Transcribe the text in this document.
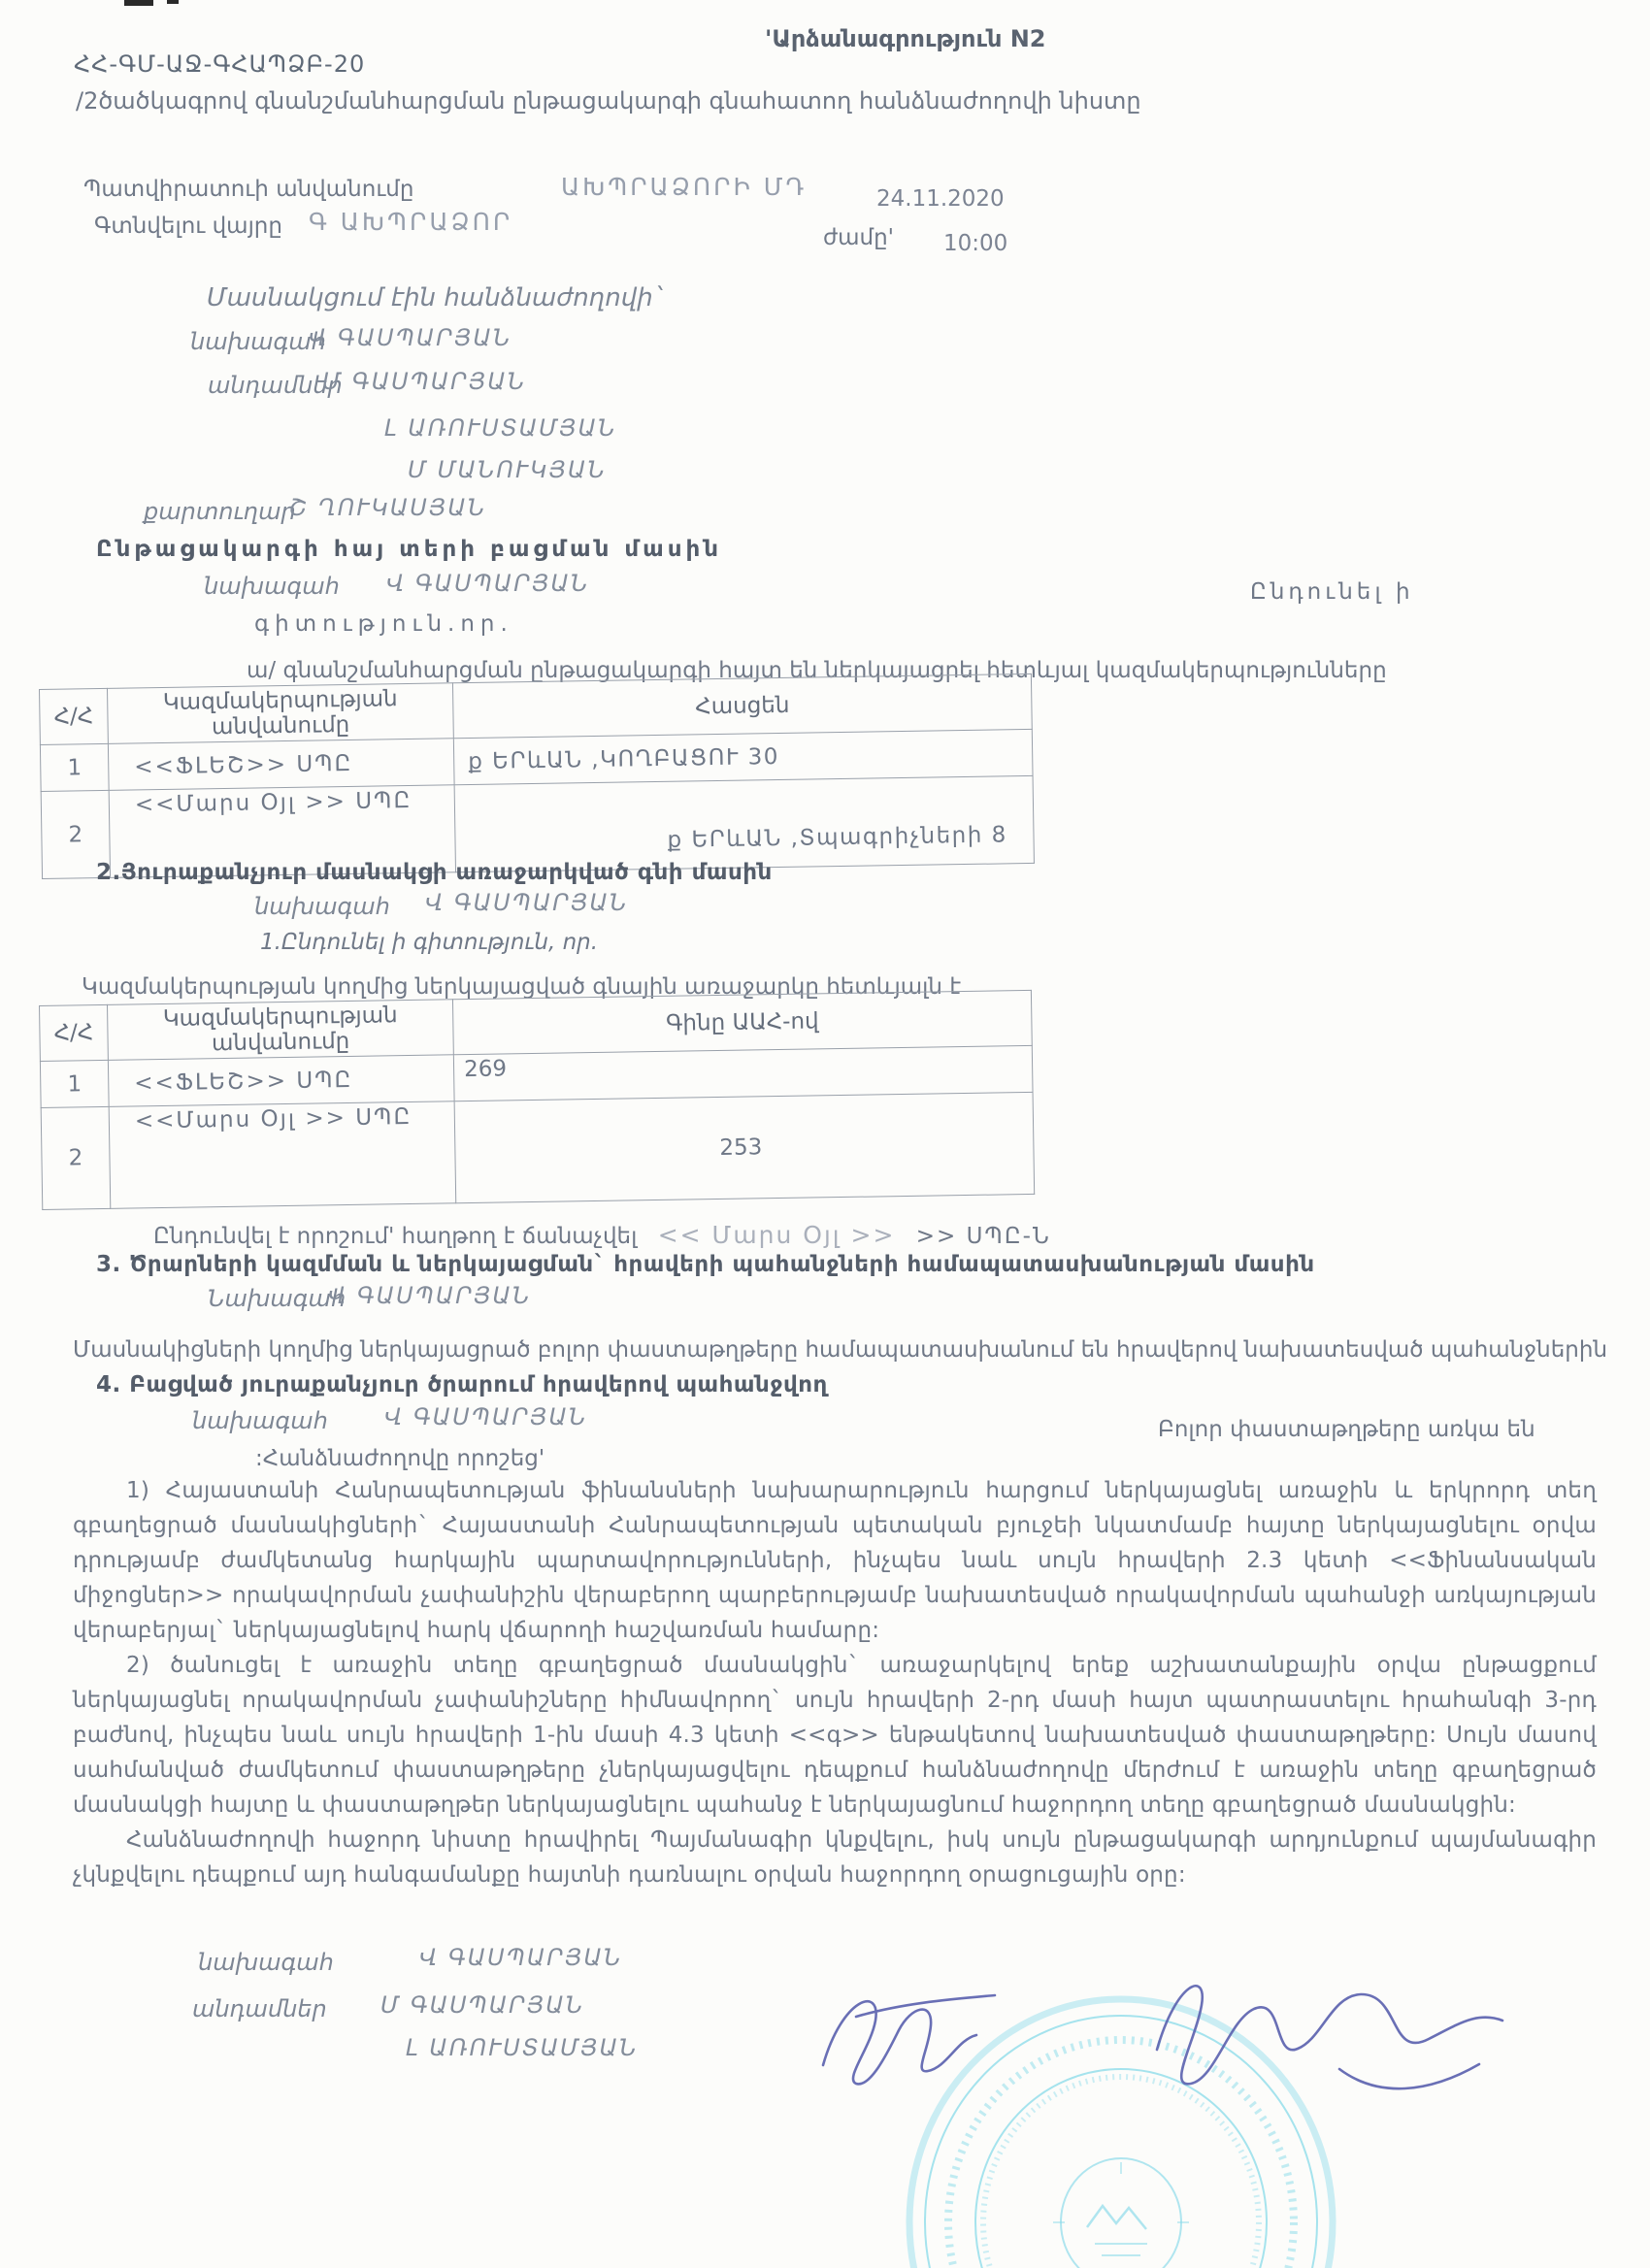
'Արձանագրություն N2
ՀՀ-ԳՄ-ԱՋ-ԳՀԱՊՁԲ-20
/2ծածկագրով գնանշմանհարցման ընթացակարգի գնահատող հանձնաժողովի նիստը
Պատվիրատուի անվանումը	ԱԽՊՐԱՁՈՐԻ ՄԴ	24.11.2020
Գտնվելու վայրը Գ ԱԽՊՐԱՁՈՐ
ժամը' 10:00
Մասնակցում էին հանձնաժողովի`
նախագահ
Վ ԳԱՍՊԱՐՅԱՆ
անդամներ
Մ ԳԱՍՊԱՐՅԱՆ
Լ ԱՌՈՒՍՏԱՄՅԱՆ
Մ ՄԱՆՈՒԿՅԱՆ
քարտուղար
Շ ՂՈՒԿԱՍՅԱՆ
Ընթացակարգի հայ տերի բացման մասին
նախագահ Վ ԳԱՍՊԱՐՅԱՆ	Ընդունել ի
գիտություն.որ.
ա/ գնանշմանհարցման ընթացակարգի հայտ են ներկայացրել հետևյալ կազմակերպությունները
Հ/Հ	Կազմակերպության անվանումը	Հասցեն
1	<<ՖԼԵՇ>> ՍՊԸ	ք ԵՐևԱՆ ,ԿՈՂԲԱՑՈՒ 30
2	<<Մարս Օյլ >> ՍՊԸ	ք ԵՐևԱՆ ,Տպագրիչների 8
2.Յուրաքանչյուր մասնակցի առաջարկված գնի մասին
նախագահ Վ ԳԱՍՊԱՐՅԱՆ
1.Ընդունել ի գիտություն, որ.
Կազմակերպության կողմից ներկայացված գնային առաջարկը հետևյալն է
Հ/Հ	Կազմակերպության անվանումը	Գինը ԱԱՀ-ով
1	<<ՖԼԵՇ>> ՍՊԸ	269
2	<<Մարս Օյլ >> ՍՊԸ	253
Ընդունվել է որոշում' հաղթող է ճանաչվել << Մարս Օյլ >> >> ՍՊԸ-Ն
3. Ծրարների կազմման և ներկայացման` հրավերի պահանջների համապատասխանության մասին
Նախագահ
Վ ԳԱՍՊԱՐՅԱՆ
Մասնակիցների կողմից ներկայացրած բոլոր փաստաթղթերը համապատասխանում են հրավերով նախատեսված պահանջներին
4. Բացված յուրաքանչյուր ծրարում հրավերով պահանջվող
նախագահ Վ ԳԱՍՊԱՐՅԱՆ	Բոլոր փաստաթղթերը առկա են
:Հանձնաժողովը որոշեց'

1) Հայաստանի Հանրապետության ֆինանսների նախարարություն հարցում ներկայացնել առաջին և երկրորդ տեղ գբաղեցրած մասնակիցների` Հայաստանի Հանրապետության պետական բյուջեի նկատմամբ հայտը ներկայացնելու օրվա դրությամբ ժամկետանց հարկային պարտավորությունների, ինչպես նաև սույն հրավերի 2.3 կետի <<Ֆինանսական միջոցներ>> որակավորման չափանիշին վերաբերող պարբերությամբ նախատեսված որակավորման պահանջի առկայության վերաբերյալ` ներկայացնելով հարկ վճարողի հաշվառման համարը:

2) ծանուցել է առաջին տեղը գբաղեցրած մասնակցին` առաջարկելով երեք աշխատանքային օրվա ընթացքում ներկայացնել որակավորման չափանիշները հիմնավորող` սույն հրավերի 2-րդ մասի հայտ պատրաստելու հրահանգի 3-րդ բաժնով, ինչպես նաև սույն հրավերի 1-ին մասի 4.3 կետի <<գ>> ենթակետով նախատեսված փաստաթղթերը: Սույն մասով սահմանված ժամկետում փաստաթղթերը չներկայացվելու դեպքում հանձնաժողովը մերժում է առաջին տեղը գբաղեցրած մասնակցի հայտը և փաստաթղթեր ներկայացնելու պահանջ է ներկայացնում հաջորդող տեղը գբաղեցրած մասնակցին:

Հանձնաժողովի հաջորդ նիստը հրավիրել Պայմանագիր կնքվելու, իսկ սույն ընթացակարգի արդյունքում պայմանագիր չկնքվելու դեպքում այդ հանգամանքը հայտնի դառնալու օրվան հաջորդող օրացուցային օրը:

նախագահ	Վ ԳԱՍՊԱՐՅԱՆ
անդամներ Մ ԳԱՍՊԱՐՅԱՆ
Լ ԱՌՈՒՍՏԱՄՅԱՆ
